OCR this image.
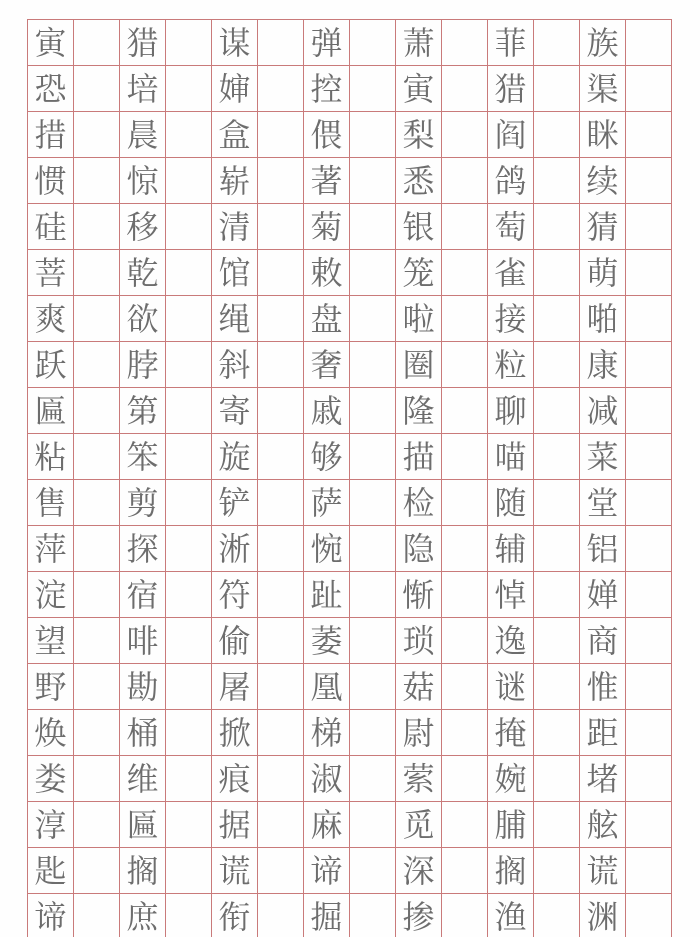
寅 猎 谋 弹 萧 菲 族
恐 培 婶 控 寅 猎 渠
措 晨 盒 偎 梨 阎 眯
惯 惊 崭 著 悉 鸽 续
硅 移 清 菊 银 萄 猜
菩 乾 馆 敕 笼 雀 萌
爽 欲 绳 盘 啦 接 啪
跃 脖 斜 奢 圈 粒 康
匾 第 寄 戚 隆 聊 减
粘 笨 旋 够 描 喵 菜
售 剪 铲 萨 检 随 堂
萍 探 淅 惋 隐 辅 铝
淀 宿 符 趾 惭 悼 婵
望 啡 偷 萎 琐 逸 商
野 勘 屠 凰 菇 谜 惟
焕 桶 掀 梯 尉 掩 距
娄 维 痕 淑 萦 婉 堵
淳 匾 据 麻 觅 脯 舷
匙 搁 谎 谛 深 搁 谎
谛 庶 衔 掘 掺 渔 渊
